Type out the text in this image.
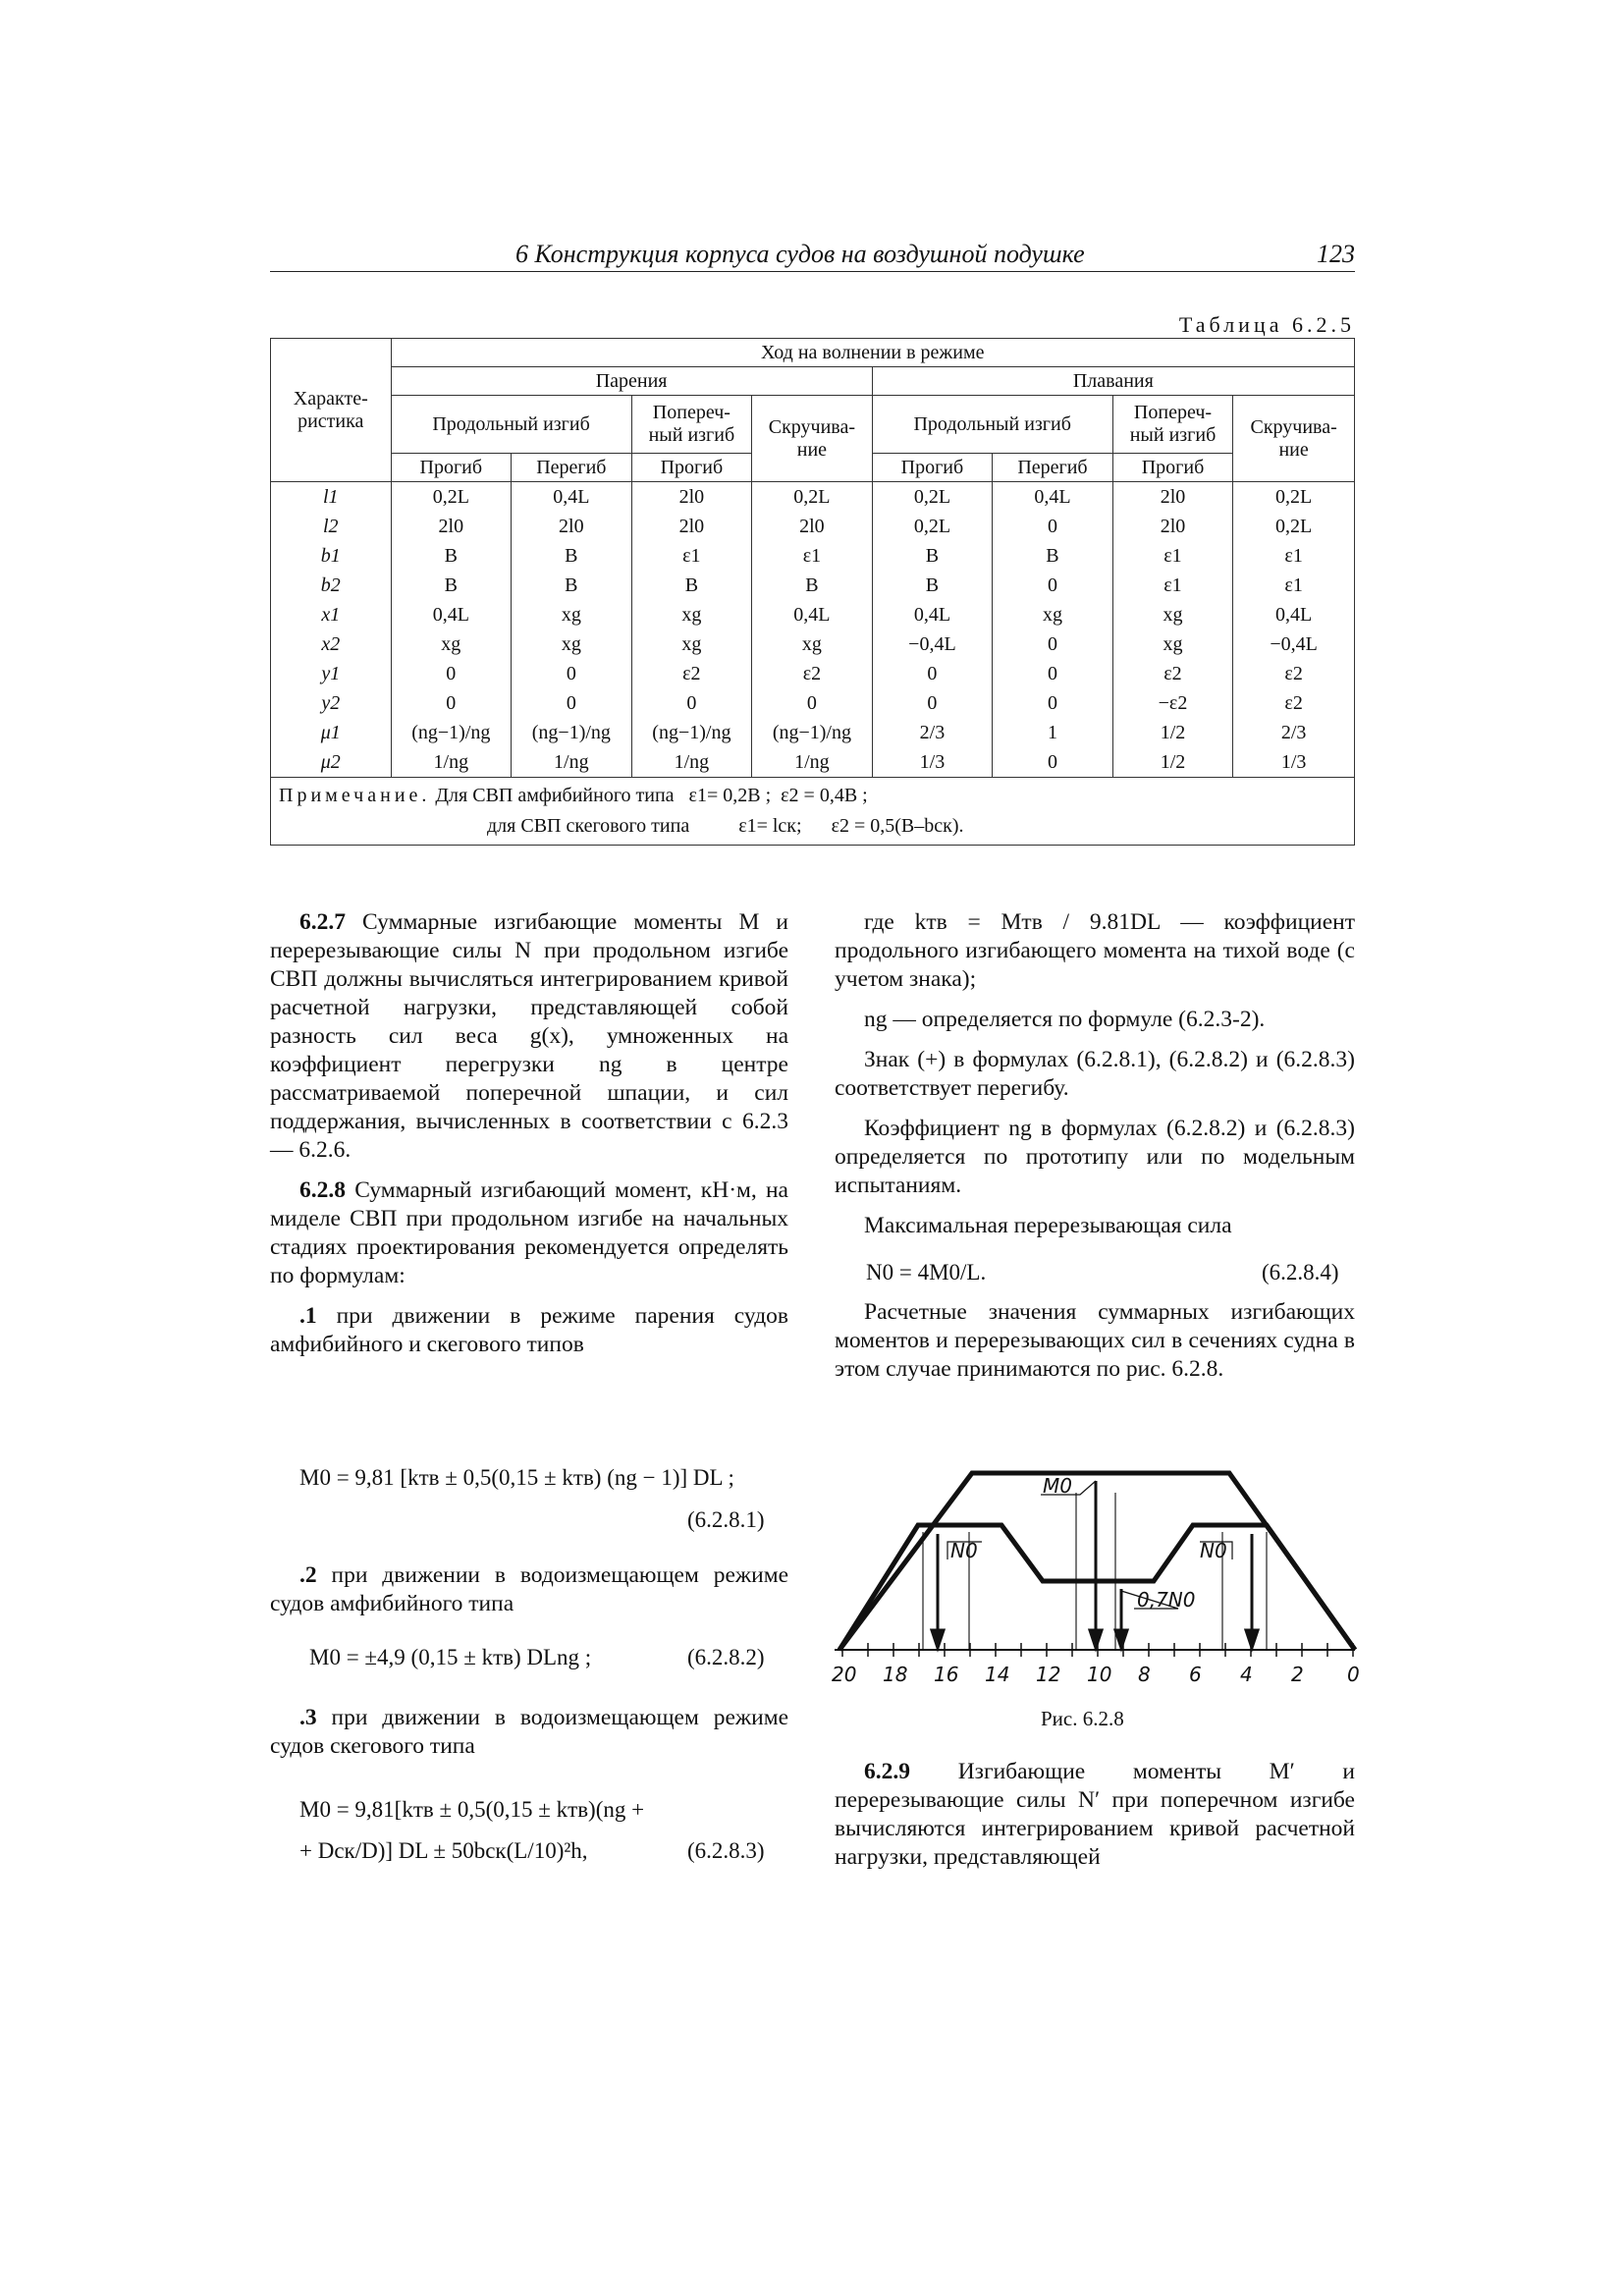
6 Конструкция корпуса судов на воздушной подушке	123
Таблица 6.2.5
Характе-ристика	Ход на волнении в режиме							
	Парения				Плавания			
	Продольный изгиб		Попереч-ный изгиб	Скручива-ние	Продольный изгиб		Попереч-ный изгиб	Скручива-ние
	Прогиб	Перегиб	Прогиб		Прогиб	Перегиб	Прогиб	
l1	0,2L	0,4L	2l0	0,2L	0,2L	0,4L	2l0	0,2L
l2	2l0	2l0	2l0	2l0	0,2L	0	2l0	0,2L
b1	B	B	ε1	ε1	B	B	ε1	ε1
b2	B	B	B	B	B	0	ε1	ε1
x1	0,4L	xg	xg	0,4L	0,4L	xg	xg	0,4L
x2	xg	xg	xg	xg	−0,4L	0	xg	−0,4L
y1	0	0	ε2	ε2	0	0	ε2	ε2
y2	0	0	0	0	0	0	−ε2	ε2
μ1	(ng−1)/ng	(ng−1)/ng	(ng−1)/ng	(ng−1)/ng	2/3	1	1/2	2/3
μ2	1/ng	1/ng	1/ng	1/ng	1/3	0	1/2	1/3
Примечание. Для СВП амфибийного типа   ε1= 0,2B ;  ε2 = 0,4B ;
для СВП скегового типа          ε1= lск;      ε2 = 0,5(B–bск).								

6.2.7 Суммарные изгибающие моменты M и перерезывающие силы N при продольном изгибе СВП должны вычисляться интегрированием кривой расчетной нагрузки, представляющей собой разность сил веса g(x), умноженных на коэффициент перегрузки ng в центре рассматриваемой поперечной шпации, и сил поддержания, вычисленных в соответствии с 6.2.3 — 6.2.6.

6.2.8 Суммарный изгибающий момент, кН·м, на миделе СВП при продольном изгибе на начальных стадиях проектирования рекомендуется определять по формулам:

.1 при движении в режиме парения судов амфибийного и скегового типов

M0 = 9,81 [kтв ± 0,5(0,15 ± kтв) (ng − 1)] DL ;
(6.2.8.1)

.2 при движении в водоизмещающем режиме судов амфибийного типа

M0 = ±4,9 (0,15 ± kтв) DLng ;	(6.2.8.2)

.3 при движении в водоизмещающем режиме судов скегового типа

M0 = 9,81[kтв ± 0,5(0,15 ± kтв)(ng +
+ Dск/D)] DL ± 50bск(L/10)²h,	(6.2.8.3)

где kтв = Mтв / 9.81DL — коэффициент продольного изгибающего момента на тихой воде (с учетом знака);

ng — определяется по формуле (6.2.3-2).

Знак (+) в формулах (6.2.8.1), (6.2.8.2) и (6.2.8.3) соответствует перегибу.

Коэффициент ng в формулах (6.2.8.2) и (6.2.8.3) определяется по прототипу или по модельным испытаниям.

Максимальная перерезывающая сила

N0 = 4M0/L.	(6.2.8.4)

Расчетные значения суммарных изгибающих моментов и перерезывающих сил в сечениях судна в этом случае принимаются по рис. 6.2.8.

M0
N0	N0
0,7N0
20 18 16 14 12 10 8 6 4 2 0
Рис. 6.2.8

6.2.9 Изгибающие моменты M′ и перерезывающие силы N′ при поперечном изгибе вычисляются интегрированием кривой расчетной нагрузки, представляющей
